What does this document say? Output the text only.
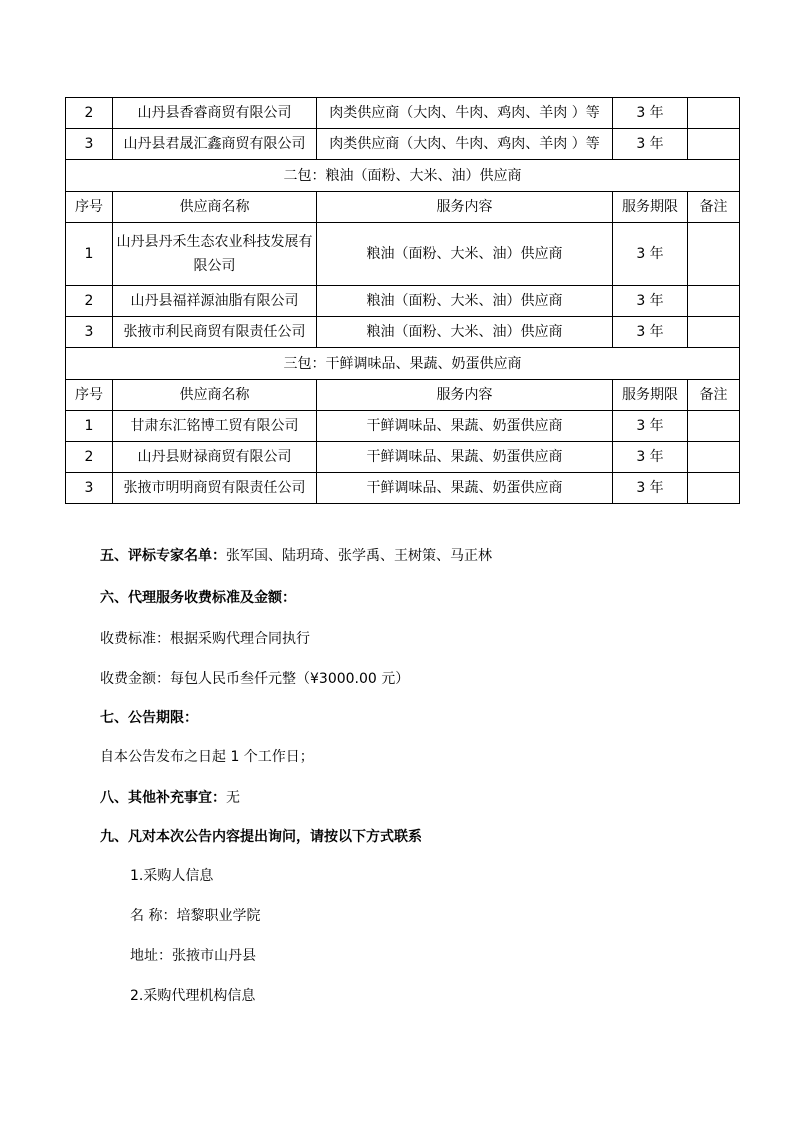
2	山丹县香睿商贸有限公司	肉类供应商（大肉、牛肉、鸡肉、羊肉 ）等	3 年	
3	山丹县君晟汇鑫商贸有限公司	肉类供应商（大肉、牛肉、鸡肉、羊肉 ）等	3 年	
二包：粮油（面粉、大米、油）供应商				
序号	供应商名称	服务内容	服务期限	备注
1	山丹县丹禾生态农业科技发展有限公司	粮油（面粉、大米、油）供应商	3 年	
2	山丹县福祥源油脂有限公司	粮油（面粉、大米、油）供应商	3 年	
3	张掖市利民商贸有限责任公司	粮油（面粉、大米、油）供应商	3 年	
三包：干鲜调味品、果蔬、奶蛋供应商				
序号	供应商名称	服务内容	服务期限	备注
1	甘肃东汇铭博工贸有限公司	干鲜调味品、果蔬、奶蛋供应商	3 年	
2	山丹县财禄商贸有限公司	干鲜调味品、果蔬、奶蛋供应商	3 年	
3	张掖市明明商贸有限责任公司	干鲜调味品、果蔬、奶蛋供应商	3 年	
五、评标专家名单：张军国、陆玥琦、张学禹、王树策、马正林
六、代理服务收费标准及金额：
收费标准：根据采购代理合同执行
收费金额：每包人民币叁仟元整（¥3000.00 元）
七、公告期限：
自本公告发布之日起 1 个工作日；
八、其他补充事宜：无
九、凡对本次公告内容提出询问，请按以下方式联系
1.采购人信息
名 称：培黎职业学院
地址：张掖市山丹县
2.采购代理机构信息
